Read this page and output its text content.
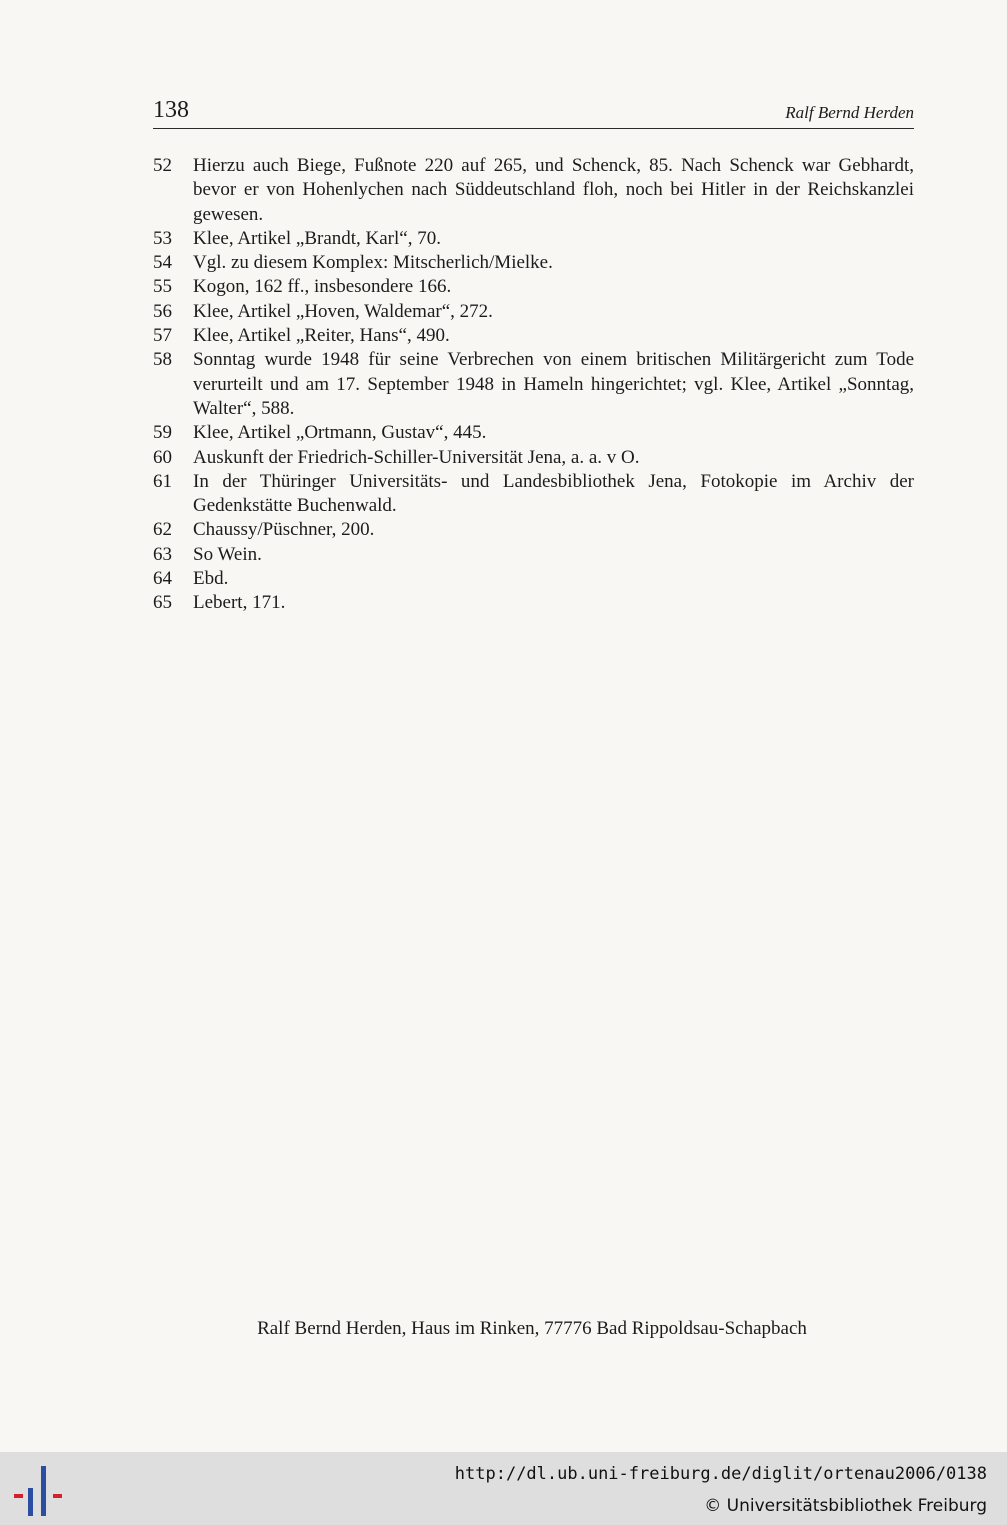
138	Ralf Bernd Herden
52 Hierzu auch Biege, Fußnote 220 auf 265, und Schenck, 85. Nach Schenck war Gebhardt, bevor er von Hohenlychen nach Süddeutschland floh, noch bei Hitler in der Reichskanzlei gewesen.
53 Klee, Artikel „Brandt, Karl“, 70.
54 Vgl. zu diesem Komplex: Mitscherlich/Mielke.
55 Kogon, 162 ff., insbesondere 166.
56 Klee, Artikel „Hoven, Waldemar“, 272.
57 Klee, Artikel „Reiter, Hans“, 490.
58 Sonntag wurde 1948 für seine Verbrechen von einem britischen Militärgericht zum Tode verurteilt und am 17. September 1948 in Hameln hingerichtet; vgl. Klee, Artikel „Sonntag, Walter“, 588.
59 Klee, Artikel „Ortmann, Gustav“, 445.
60 Auskunft der Friedrich-Schiller-Universität Jena, a. a. v O.
61 In der Thüringer Universitäts- und Landesbibliothek Jena, Fotokopie im Archiv der Gedenkstätte Buchenwald.
62 Chaussy/Püschner, 200.
63 So Wein.
64 Ebd.
65 Lebert, 171.
Ralf Bernd Herden, Haus im Rinken, 77776 Bad Rippoldsau-Schapbach
http://dl.ub.uni-freiburg.de/diglit/ortenau2006/0138
© Universitätsbibliothek Freiburg
